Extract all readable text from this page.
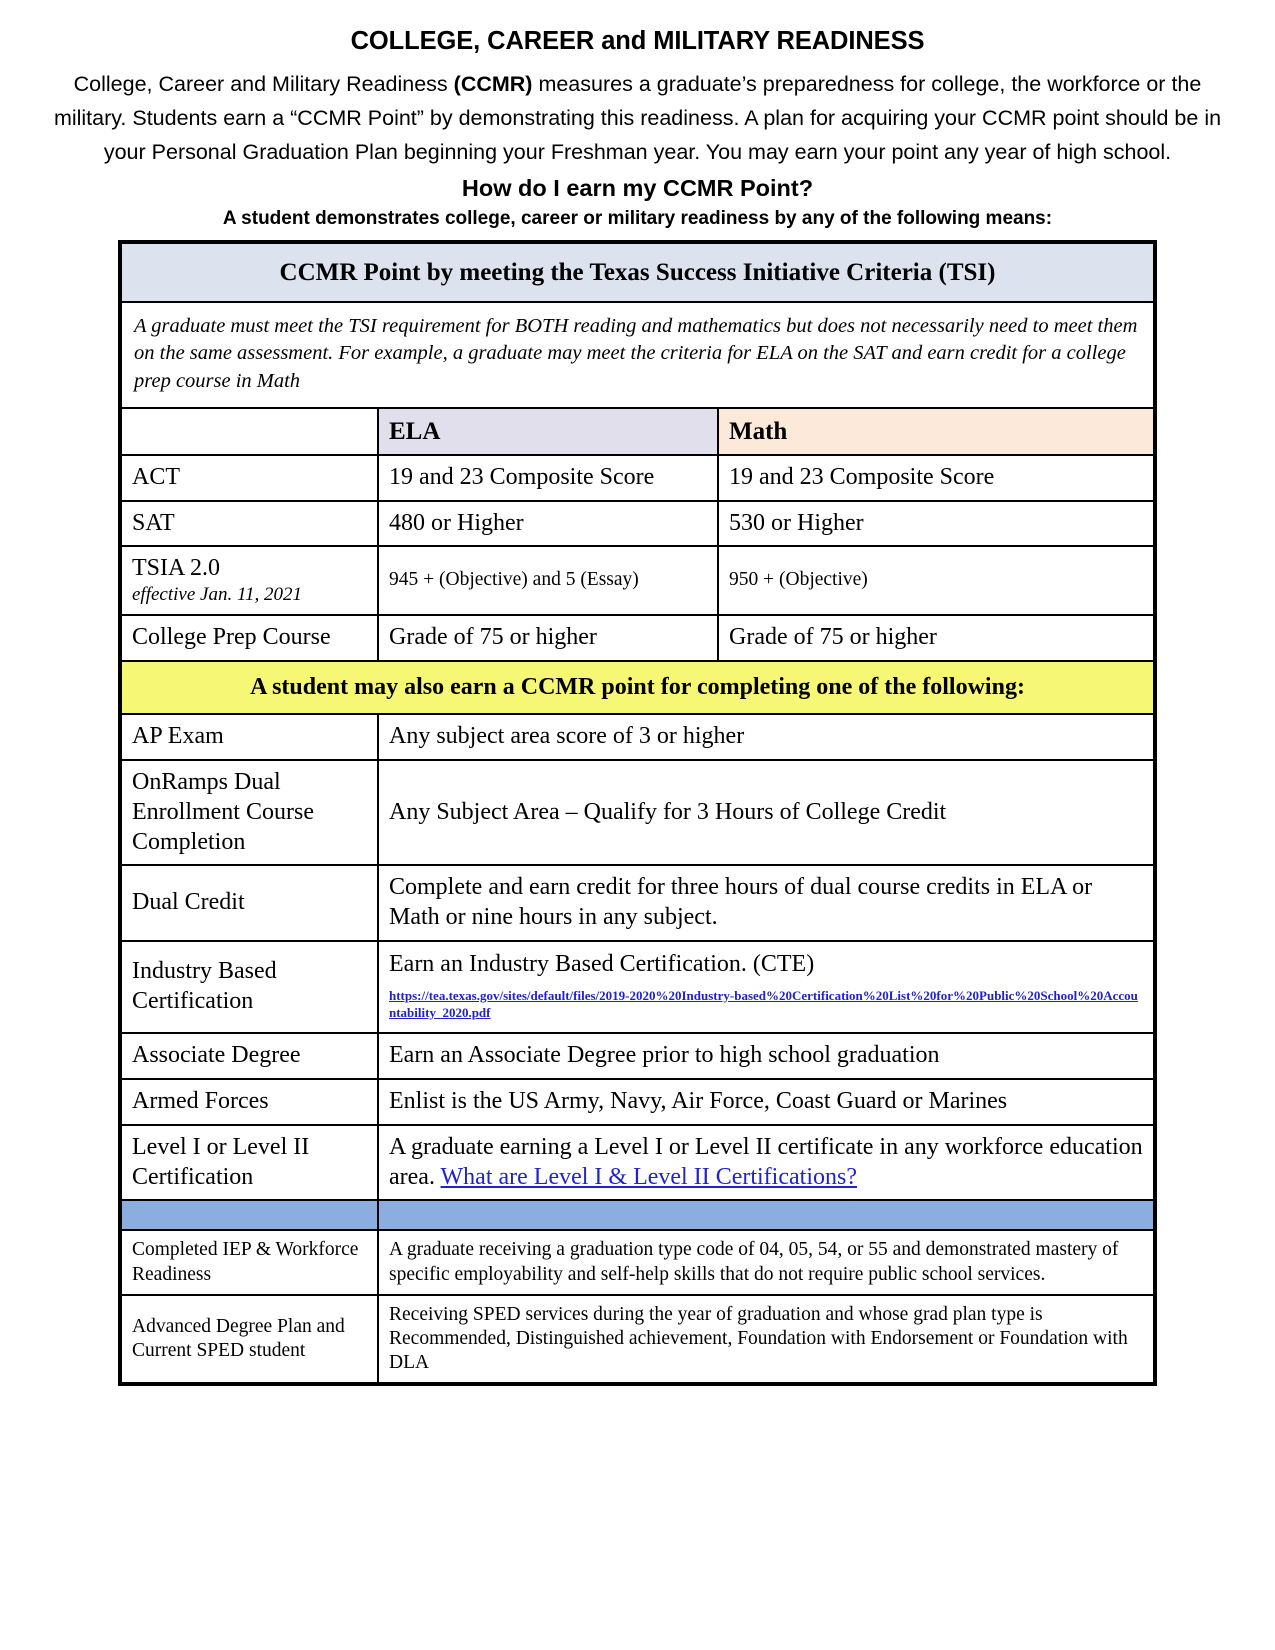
COLLEGE, CAREER and MILITARY READINESS

College, Career and Military Readiness (CCMR) measures a graduate’s preparedness for college, the workforce or the military. Students earn a “CCMR Point” by demonstrating this readiness. A plan for acquiring your CCMR point should be in your Personal Graduation Plan beginning your Freshman year. You may earn your point any year of high school.

How do I earn my CCMR Point?
A student demonstrates college, career or military readiness by any of the following means:
CCMR Point by meeting the Texas Success Initiative Criteria (TSI)		
A graduate must meet the TSI requirement for BOTH reading and mathematics but does not necessarily need to meet them on the same assessment. For example, a graduate may meet the criteria for ELA on the SAT and earn credit for a college prep course in Math		
	ELA	Math
ACT	19 and 23 Composite Score	19 and 23 Composite Score
SAT	480 or Higher	530 or Higher
TSIA 2.0
effective Jan. 11, 2021	945 + (Objective) and 5 (Essay)	950 + (Objective)
College Prep Course	Grade of 75 or higher	Grade of 75 or higher
A student may also earn a CCMR point for completing one of the following:		
AP Exam	Any subject area score of 3 or higher	
OnRamps Dual Enrollment Course Completion	Any Subject Area – Qualify for 3 Hours of College Credit	
Dual Credit	Complete and earn credit for three hours of dual course credits in ELA or Math or nine hours in any subject.	
Industry Based Certification	Earn an Industry Based Certification. (CTE)
https://tea.texas.gov/sites/default/files/2019-2020%20Industry-based%20Certification%20List%20for%20Public%20School%20Accountability_2020.pdf	
Associate Degree	Earn an Associate Degree prior to high school graduation	
Armed Forces	Enlist is the US Army, Navy, Air Force, Coast Guard or Marines	
Level I or Level II Certification	A graduate earning a Level I or Level II certificate in any workforce education area. What are Level I & Level II Certifications?	

Completed IEP & Workforce Readiness	A graduate receiving a graduation type code of 04, 05, 54, or 55 and demonstrated mastery of specific employability and self-help skills that do not require public school services.	
Advanced Degree Plan and Current SPED student	Receiving SPED services during the year of graduation and whose grad plan type is Recommended, Distinguished achievement, Foundation with Endorsement or Foundation with DLA	
